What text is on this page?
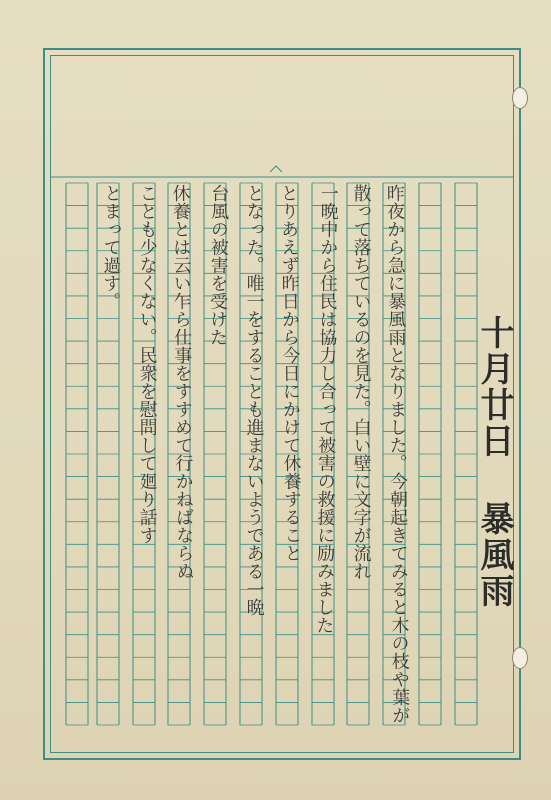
昨夜から急に暴風雨となりました。今朝起きてみると木の枝や葉が
散って落ちているのを見た。白い壁に文字が流れ
一晩中から住民は協力し合って被害の救援に励みました
とりあえず昨日から今日にかけて休養すること
となった。唯一をすることも進まないようである一晩
台風の被害を受けた
休養とは云い乍ら仕事をすすめて行かねばならぬ
ことも少なくない。民衆を慰問して廻り話す
とまって過す。
十月廿日 暴風雨
